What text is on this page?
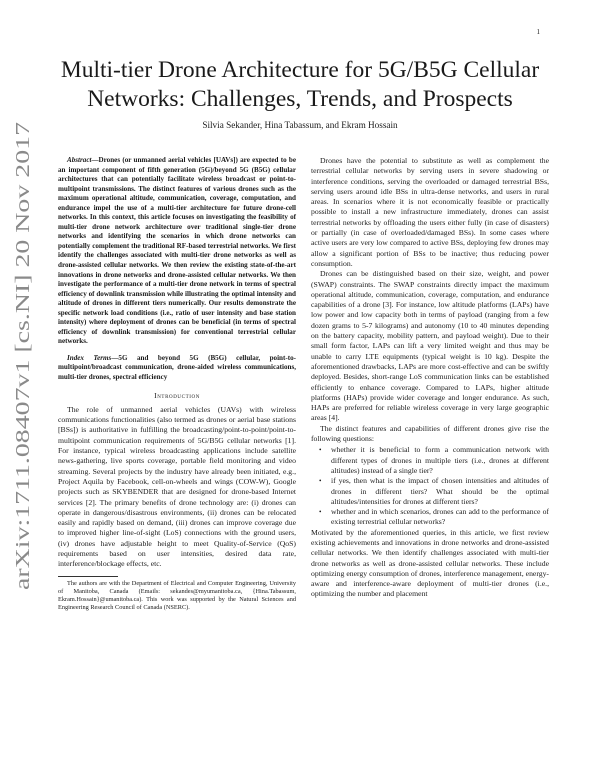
1
arXiv:1711.08407v1 [cs.NI] 20 Nov 2017
Multi-tier Drone Architecture for 5G/B5G Cellular Networks: Challenges, Trends, and Prospects
Silvia Sekander, Hina Tabassum, and Ekram Hossain

Abstract—Drones (or unmanned aerial vehicles [UAVs]) are expected to be an important component of fifth generation (5G)/beyond 5G (B5G) cellular architectures that can potentially facilitate wireless broadcast or point-to-multipoint transmissions. The distinct features of various drones such as the maximum operational altitude, communication, coverage, computation, and endurance impel the use of a multi-tier architecture for future drone-cell networks. In this context, this article focuses on investigating the feasibility of multi-tier drone network architecture over traditional single-tier drone networks and identifying the scenarios in which drone networks can potentially complement the traditional RF-based terrestrial networks. We first identify the challenges associated with multi-tier drone networks as well as drone-assisted cellular networks. We then review the existing state-of-the-art innovations in drone networks and drone-assisted cellular networks. We then investigate the performance of a multi-tier drone network in terms of spectral efficiency of downlink transmission while illustrating the optimal intensity and altitude of drones in different tiers numerically. Our results demonstrate the specific network load conditions (i.e., ratio of user intensity and base station intensity) where deployment of drones can be beneficial (in terms of spectral efficiency of downlink transmission) for conventional terrestrial cellular networks.

Index Terms—5G and beyond 5G (B5G) cellular, point-to-multipoint/broadcast communication, drone-aided wireless communications, multi-tier drones, spectral efficiency

Introduction

The role of unmanned aerial vehicles (UAVs) with wireless communications functionalities (also termed as drones or aerial base stations [BSs]) is authoritative in fulfilling the broadcasting/point-to-point/point-to-multipoint communication requirements of 5G/B5G cellular networks [1]. For instance, typical wireless broadcasting applications include satellite news-gathering, live sports coverage, portable field monitoring and video streaming. Several projects by the industry have already been initiated, e.g., Project Aquila by Facebook, cell-on-wheels and wings (COW-W), Google projects such as SKYBENDER that are designed for drone-based Internet services [2]. The primary benefits of drone technology are: (i) drones can operate in dangerous/disastrous environments, (ii) drones can be relocated easily and rapidly based on demand, (iii) drones can improve coverage due to improved higher line-of-sight (LoS) connections with the ground users, (iv) drones have adjustable height to meet Quality-of-Service (QoS) requirements based on user intensities, desired data rate, interference/blockage effects, etc.

The authors are with the Department of Electrical and Computer Engineering, University of Manitoba, Canada (Emails: sekandes@myumanitoba.ca, {Hina.Tabassum, Ekram.Hossain}@umanitoba.ca). This work was supported by the Natural Sciences and Engineering Research Council of Canada (NSERC).

Drones have the potential to substitute as well as complement the terrestrial cellular networks by serving users in severe shadowing or interference conditions, serving the overloaded or damaged terrestrial BSs, serving users around idle BSs in ultra-dense networks, and users in rural areas. In scenarios where it is not economically feasible or practically possible to install a new infrastructure immediately, drones can assist terrestrial networks by offloading the users either fully (in case of disasters) or partially (in case of overloaded/damaged BSs). In some cases where active users are very low compared to active BSs, deploying few drones may allow a significant portion of BSs to be inactive; thus reducing power consumption.

Drones can be distinguished based on their size, weight, and power (SWAP) constraints. The SWAP constraints directly impact the maximum operational altitude, communication, coverage, computation, and endurance capabilities of a drone [3]. For instance, low altitude platforms (LAPs) have low power and low capacity both in terms of payload (ranging from a few dozen grams to 5-7 kilograms) and autonomy (10 to 40 minutes depending on the battery capacity, mobility pattern, and payload weight). Due to their small form factor, LAPs can lift a very limited weight and thus may be unable to carry LTE equipments (typical weight is 10 kg). Despite the aforementioned drawbacks, LAPs are more cost-effective and can be swiftly deployed. Besides, short-range LoS communication links can be established efficiently to enhance coverage. Compared to LAPs, higher altitude platforms (HAPs) provide wider coverage and longer endurance. As such, HAPs are preferred for reliable wireless coverage in very large geographic areas [4].

The distinct features and capabilities of different drones give rise the following questions:

• whether it is beneficial to form a communication network with different types of drones in multiple tiers (i.e., drones at different altitudes) instead of a single tier?
• if yes, then what is the impact of chosen intensities and altitudes of drones in different tiers? What should be the optimal altitudes/intensities for drones at different tiers?
• whether and in which scenarios, drones can add to the performance of existing terrestrial cellular networks?

Motivated by the aforementioned queries, in this article, we first review existing achievements and innovations in drone networks and drone-assisted cellular networks. We then identify challenges associated with multi-tier drone networks as well as drone-assisted cellular networks. These include optimizing energy consumption of drones, interference management, energy-aware and interference-aware deployment of multi-tier drones (i.e., optimizing the number and placement
